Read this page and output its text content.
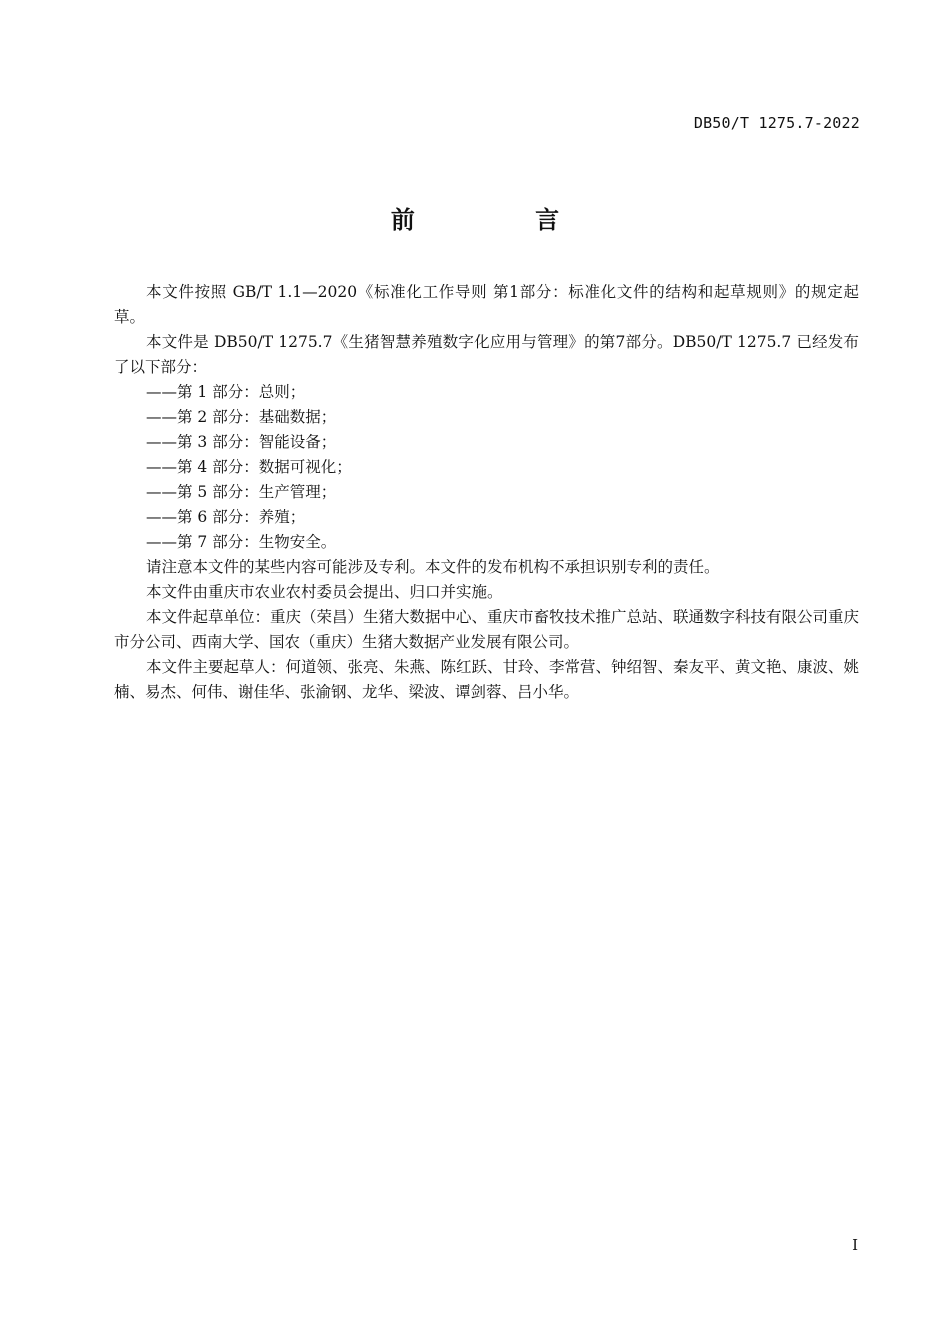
DB50/T 1275.7-2022
前 言

本文件按照 GB/T 1.1—2020《标准化工作导则 第1部分：标准化文件的结构和起草规则》的规定起草。

本文件是 DB50/T 1275.7《生猪智慧养殖数字化应用与管理》的第7部分。DB50/T 1275.7 已经发布了以下部分：

——第 1 部分：总则；

——第 2 部分：基础数据；

——第 3 部分：智能设备；

——第 4 部分：数据可视化；

——第 5 部分：生产管理；

——第 6 部分：养殖；

——第 7 部分：生物安全。

请注意本文件的某些内容可能涉及专利。本文件的发布机构不承担识别专利的责任。

本文件由重庆市农业农村委员会提出、归口并实施。

本文件起草单位：重庆（荣昌）生猪大数据中心、重庆市畜牧技术推广总站、联通数字科技有限公司重庆市分公司、西南大学、国农（重庆）生猪大数据产业发展有限公司。

本文件主要起草人：何道领、张亮、朱燕、陈红跃、甘玲、李常营、钟绍智、秦友平、黄文艳、康波、姚楠、易杰、何伟、谢佳华、张渝钢、龙华、梁波、谭剑蓉、吕小华。

I
